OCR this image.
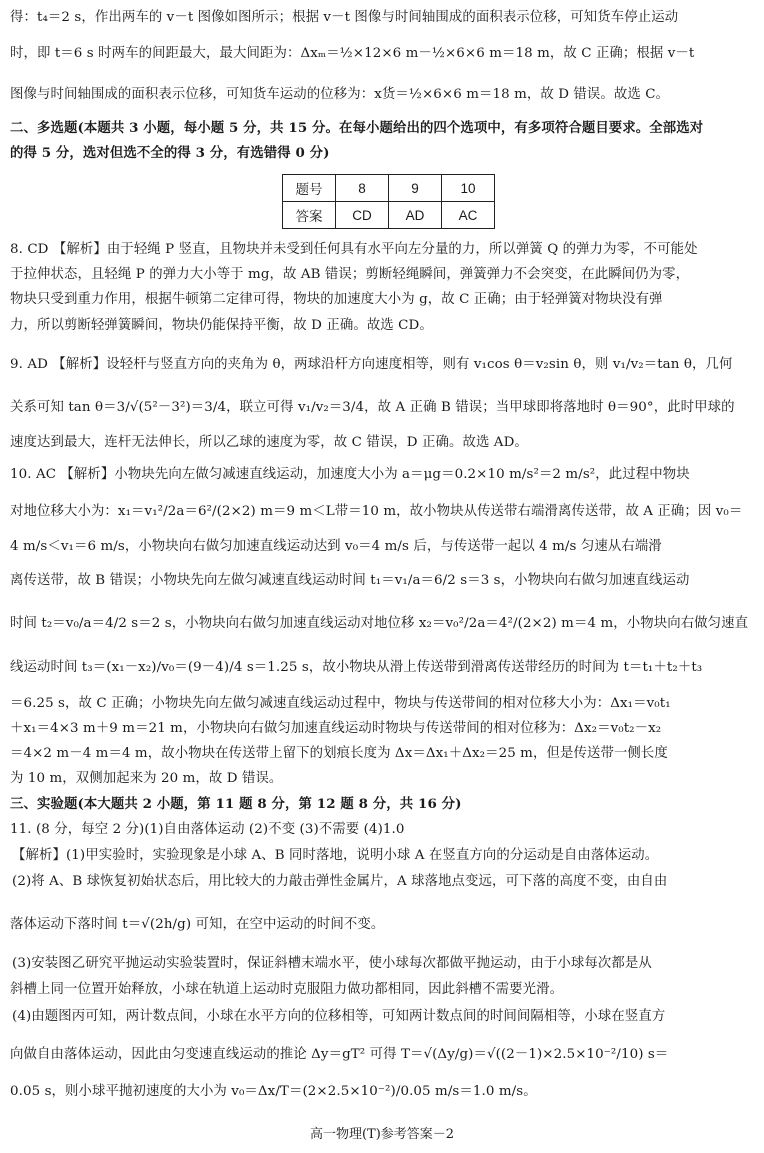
得：t₄＝2 s，作出两车的 v－t 图像如图所示；根据 v－t 图像与时间轴围成的面积表示位移，可知货车停止运动
时，即 t＝6 s 时两车的间距最大，最大间距为：Δxₘ＝½×12×6 m－½×6×6 m＝18 m，故 C 正确；根据 v－t
图像与时间轴围成的面积表示位移，可知货车运动的位移为：x货＝½×6×6 m＝18 m，故 D 错误。故选 C。
二、多选题(本题共 3 小题，每小题 5 分，共 15 分。在每小题给出的四个选项中，有多项符合题目要求。全部选对
的得 5 分，选对但选不全的得 3 分，有选错得 0 分)
题号	8	9	10
答案	CD	AD	AC
8. CD 【解析】由于轻绳 P 竖直，且物块并未受到任何具有水平向左分量的力，所以弹簧 Q 的弹力为零，不可能处
于拉伸状态，且轻绳 P 的弹力大小等于 mg，故 AB 错误；剪断轻绳瞬间，弹簧弹力不会突变，在此瞬间仍为零，
物块只受到重力作用，根据牛顿第二定律可得，物块的加速度大小为 g，故 C 正确；由于轻弹簧对物块没有弹
力，所以剪断轻弹簧瞬间，物块仍能保持平衡，故 D 正确。故选 CD。
9. AD 【解析】设轻杆与竖直方向的夹角为 θ，两球沿杆方向速度相等，则有 v₁cos θ＝v₂sin θ，则 v₁/v₂＝tan θ，几何
关系可知 tan θ＝3/√(5²－3²)＝3/4，联立可得 v₁/v₂＝3/4，故 A 正确 B 错误；当甲球即将落地时 θ＝90°，此时甲球的
速度达到最大，连杆无法伸长，所以乙球的速度为零，故 C 错误，D 正确。故选 AD。
10. AC 【解析】小物块先向左做匀减速直线运动，加速度大小为 a＝μg＝0.2×10 m/s²＝2 m/s²，此过程中物块
对地位移大小为：x₁＝v₁²/2a＝6²/(2×2) m＝9 m＜L带＝10 m，故小物块从传送带右端滑离传送带，故 A 正确；因 v₀＝
4 m/s＜v₁＝6 m/s，小物块向右做匀加速直线运动达到 v₀＝4 m/s 后，与传送带一起以 4 m/s 匀速从右端滑
离传送带，故 B 错误；小物块先向左做匀减速直线运动时间 t₁＝v₁/a＝6/2 s＝3 s，小物块向右做匀加速直线运动
时间 t₂＝v₀/a＝4/2 s＝2 s，小物块向右做匀加速直线运动对地位移 x₂＝v₀²/2a＝4²/(2×2) m＝4 m，小物块向右做匀速直
线运动时间 t₃＝(x₁－x₂)/v₀＝(9－4)/4 s＝1.25 s，故小物块从滑上传送带到滑离传送带经历的时间为 t＝t₁＋t₂＋t₃
＝6.25 s，故 C 正确；小物块先向左做匀减速直线运动过程中，物块与传送带间的相对位移大小为：Δx₁＝v₀t₁
＋x₁＝4×3 m＋9 m＝21 m，小物块向右做匀加速直线运动时物块与传送带间的相对位移为：Δx₂＝v₀t₂－x₂
＝4×2 m－4 m＝4 m，故小物块在传送带上留下的划痕长度为 Δx＝Δx₁＋Δx₂＝25 m，但是传送带一侧长度
为 10 m，双侧加起来为 20 m，故 D 错误。
三、实验题(本大题共 2 小题，第 11 题 8 分，第 12 题 8 分，共 16 分)
11. (8 分，每空 2 分)(1)自由落体运动 (2)不变 (3)不需要 (4)1.0
【解析】(1)甲实验时，实验现象是小球 A、B 同时落地，说明小球 A 在竖直方向的分运动是自由落体运动。
(2)将 A、B 球恢复初始状态后，用比较大的力敲击弹性金属片，A 球落地点变远，可下落的高度不变，由自由
落体运动下落时间 t＝√(2h/g) 可知，在空中运动的时间不变。
(3)安装图乙研究平抛运动实验装置时，保证斜槽末端水平，使小球每次都做平抛运动，由于小球每次都是从
斜槽上同一位置开始释放，小球在轨道上运动时克服阻力做功都相同，因此斜槽不需要光滑。
(4)由题图丙可知，两计数点间，小球在水平方向的位移相等，可知两计数点间的时间间隔相等，小球在竖直方
向做自由落体运动，因此由匀变速直线运动的推论 Δy＝gT² 可得 T＝√(Δy/g)＝√((2－1)×2.5×10⁻²/10) s＝
0.05 s，则小球平抛初速度的大小为 v₀＝Δx/T＝(2×2.5×10⁻²)/0.05 m/s＝1.0 m/s。
高一物理(T)参考答案－2
